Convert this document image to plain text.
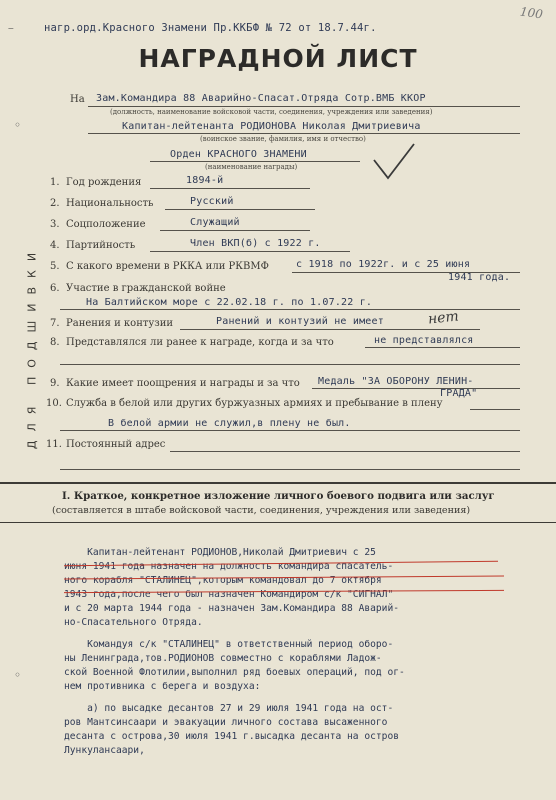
нагр.орд.Красного Знамени Пр.ККБФ № 72 от 18.7.44г.
100
‒
НАГРАДНОЙ ЛИСТ
ДЛЯ ПОДШИВКИ
◦
◦
На Зам.Командира 88 Аварийно-Спасат.Отряда Сотр.ВМБ ККОР
(должность, наименование войсковой части, соединения, учреждения или заведения)
Капитан-лейтенанта РОДИОНОВА Николая Дмитриевича
(воинское звание, фамилия, имя и отчество)
Орден КРАСНОГО ЗНАМЕНИ
(наименование награды)
1. Год рождения	1894-й
2. Национальность	Русский
3. Соцположение	Служащий
4. Партийность	Член ВКП(б) с 1922 г.
5. С какого времени в РККА или РКВМФ	с 1918 по 1922г. и с 25 июня
1941 года.
6. Участие в гражданской войне
На Балтийском море с 22.02.18 г. по 1.07.22 г.
7. Ранения и контузии	Ранений и контузий не имеет	нет
8. Представлялся ли ранее к награде, когда и за что	не представлялся
9. Какие имеет поощрения и награды и за что Медаль "ЗА ОБОРОНУ ЛЕНИН-
ГРАДА"
10. Служба в белой или других буржуазных армиях и пребывание в плену
В белой армии не служил,в плену не был.
11. Постоянный адрес
I. Краткое, конкретное изложение личного боевого подвига или заслуг
(составляется в штабе войсковой части, соединения, учреждения или заведения)
Капитан-лейтенант РОДИОНОВ,Николай Дмитриевич с 25
июня 1941 года назначен на должность командира спасатель-
ного корабля "СТАЛИНЕЦ",которым командовал до 7 октября
1943 года,после чего был назначен Командиром с/к "СИГНАЛ"
и с 20 марта 1944 года - назначен Зам.Командира 88 Аварий-
но-Спасательного Отряда.
Командуя с/к "СТАЛИНЕЦ" в ответственный период оборо-
ны Ленинграда,тов.РОДИОНОВ совместно с кораблями Ладож-
ской Военной Флотилии,выполнил ряд боевых операций, под ог-
нем противника с берега и воздуха:
а) по высадке десантов 27 и 29 июля 1941 года на ост-
ров Мантсинсаари и эвакуации личного состава высаженного
десанта с острова,30 июля 1941 г.высадка десанта на остров
Лункулансаари,
